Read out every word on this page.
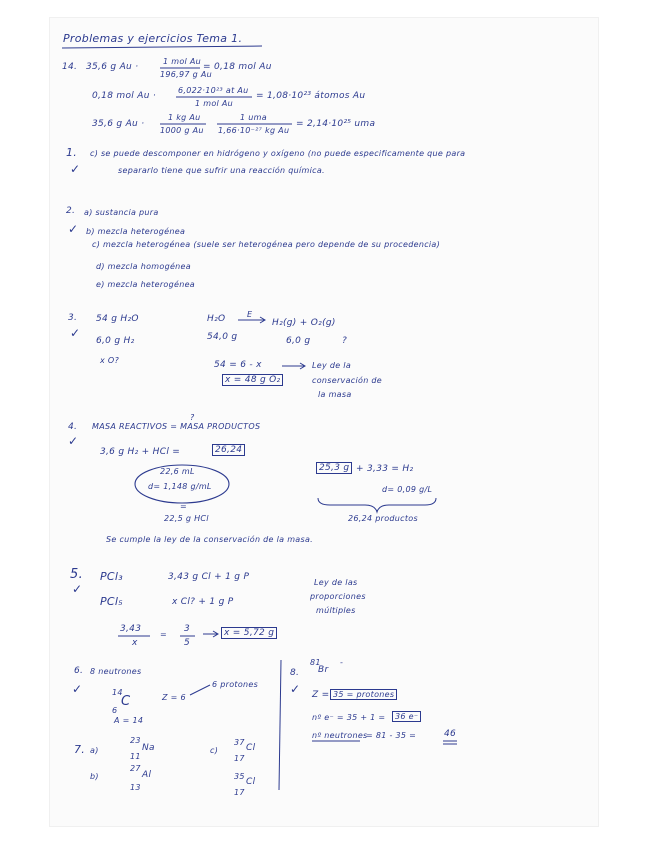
Problemas y ejercicios Tema 1.
14. 35,6 g Au ·
1 mol Au
196,97 g Au
= 0,18 mol Au
0,18 mol Au ·
6,022·10²³ at Au
1 mol Au
= 1,08·10²³ átomos Au
35,6 g Au ·
1 kg Au
1000 g Au
1 uma
1,66·10⁻²⁷ kg Au
= 2,14·10²⁵ uma
1. c) se puede descomponer en hidrógeno y oxígeno (no puede especificamente que para
separarlo tiene que sufrir una reacción química.
✓
2. a) sustancia pura
✓ b) mezcla heterogénea
c) mezcla heterogénea (suele ser heterogénea pero depende de su procedencia)
d) mezcla homogénea
e) mezcla heterogénea
3.
✓
54 g H₂O
6,0 g H₂
x O?
H₂O	E
H₂(g) + O₂(g)
54,0 g	6,0 g	?
54 = 6 - x
x = 48 g O₂
Ley de la
conservación de
la masa
4.
✓
MASA REACTIVOS = MASA PRODUCTOS
?
3,6 g H₂ + HCl =	26,24
22,6 mL
d= 1,148 g/mL
=
22,5 g HCl
25,3 g + 3,33 = H₂
d= 0,09 g/L
26,24 productos
Se cumple la ley de la conservación de la masa.
5.
✓
PCl₃	3,43 g Cl + 1 g P
PCl₅	x Cl? + 1 g P
Ley de las
proporciones
múltiples
3,43
x
=
3
5
x = 5,72 g
6. 8 neutrones
✓	14
6
C	Z = 6
6 protones
A = 14
7. a)
23
11
Na
b)
27
13
Al
c)
37
17
Cl
35
17
Cl
8.
✓
81
Br
-
Z = 35 = protones
nº e⁻ = 35 + 1 =	36 e⁻
nº neutrones
= 81 - 35 =	46
